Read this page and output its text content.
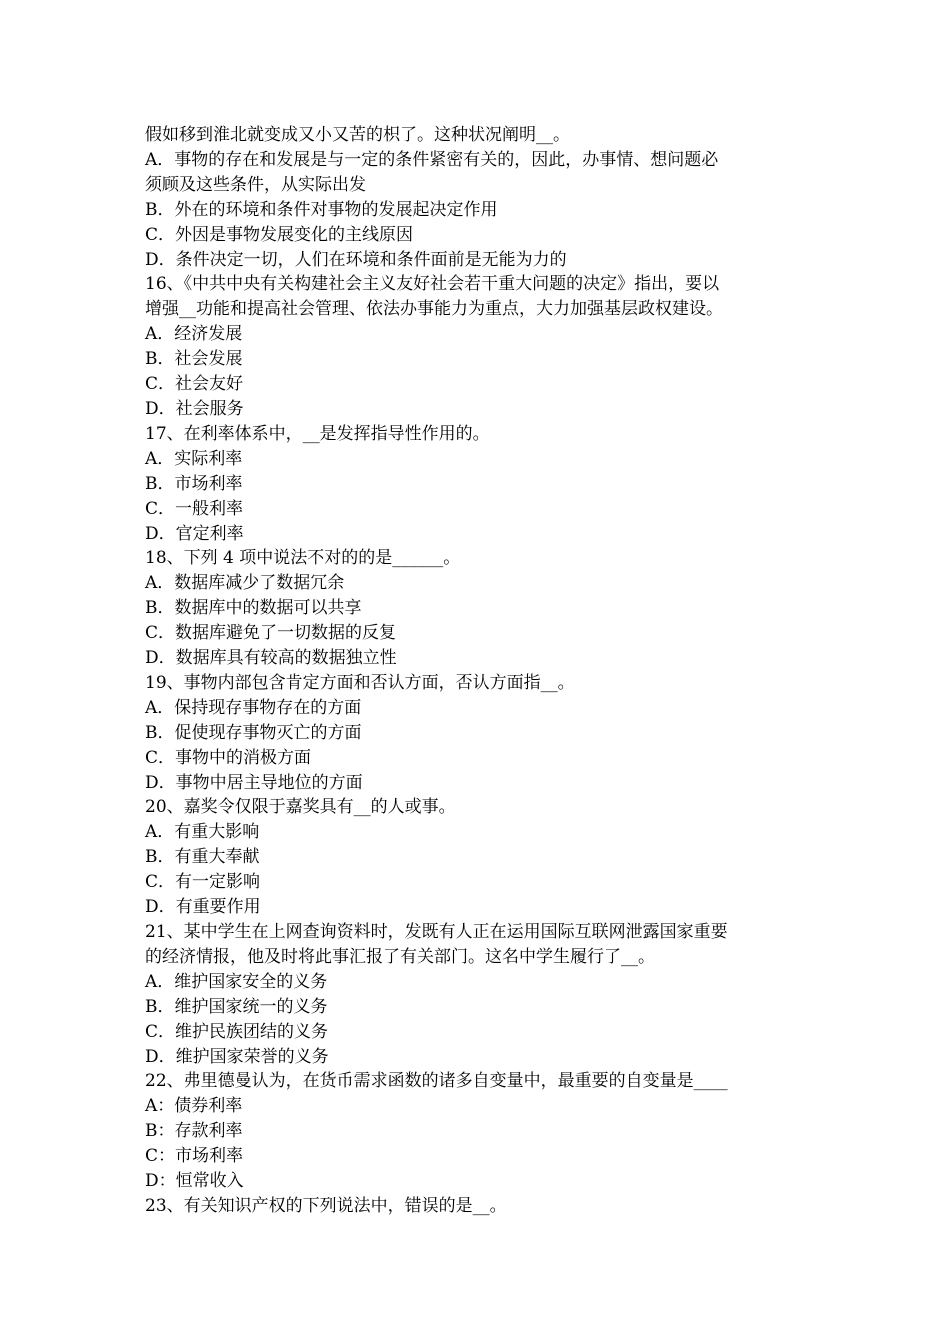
假如移到淮北就变成又小又苦的枳了。这种状况阐明__。
A．事物的存在和发展是与一定的条件紧密有关的，因此，办事情、想问题必
须顾及这些条件，从实际出发
B．外在的环境和条件对事物的发展起决定作用
C．外因是事物发展变化的主线原因
D．条件决定一切，人们在环境和条件面前是无能为力的
16、《中共中央有关构建社会主义友好社会若干重大问题的决定》指出，要以
增强__功能和提高社会管理、依法办事能力为重点，大力加强基层政权建设。
A．经济发展
B．社会发展
C．社会友好
D．社会服务
17、在利率体系中，__是发挥指导性作用的。
A．实际利率
B．市场利率
C．一般利率
D．官定利率
18、下列 4 项中说法不对的的是______。
A．数据库减少了数据冗余
B．数据库中的数据可以共享
C．数据库避免了一切数据的反复
D．数据库具有较高的数据独立性
19、事物内部包含肯定方面和否认方面，否认方面指__。
A．保持现存事物存在的方面
B．促使现存事物灭亡的方面
C．事物中的消极方面
D．事物中居主导地位的方面
20、嘉奖令仅限于嘉奖具有__的人或事。
A．有重大影响
B．有重大奉献
C．有一定影响
D．有重要作用
21、某中学生在上网查询资料时，发既有人正在运用国际互联网泄露国家重要
的经济情报，他及时将此事汇报了有关部门。这名中学生履行了__。
A．维护国家安全的义务
B．维护国家统一的义务
C．维护民族团结的义务
D．维护国家荣誉的义务
22、弗里德曼认为，在货币需求函数的诸多自变量中，最重要的自变量是____
A：债券利率
B：存款利率
C：市场利率
D：恒常收入
23、有关知识产权的下列说法中，错误的是__。
